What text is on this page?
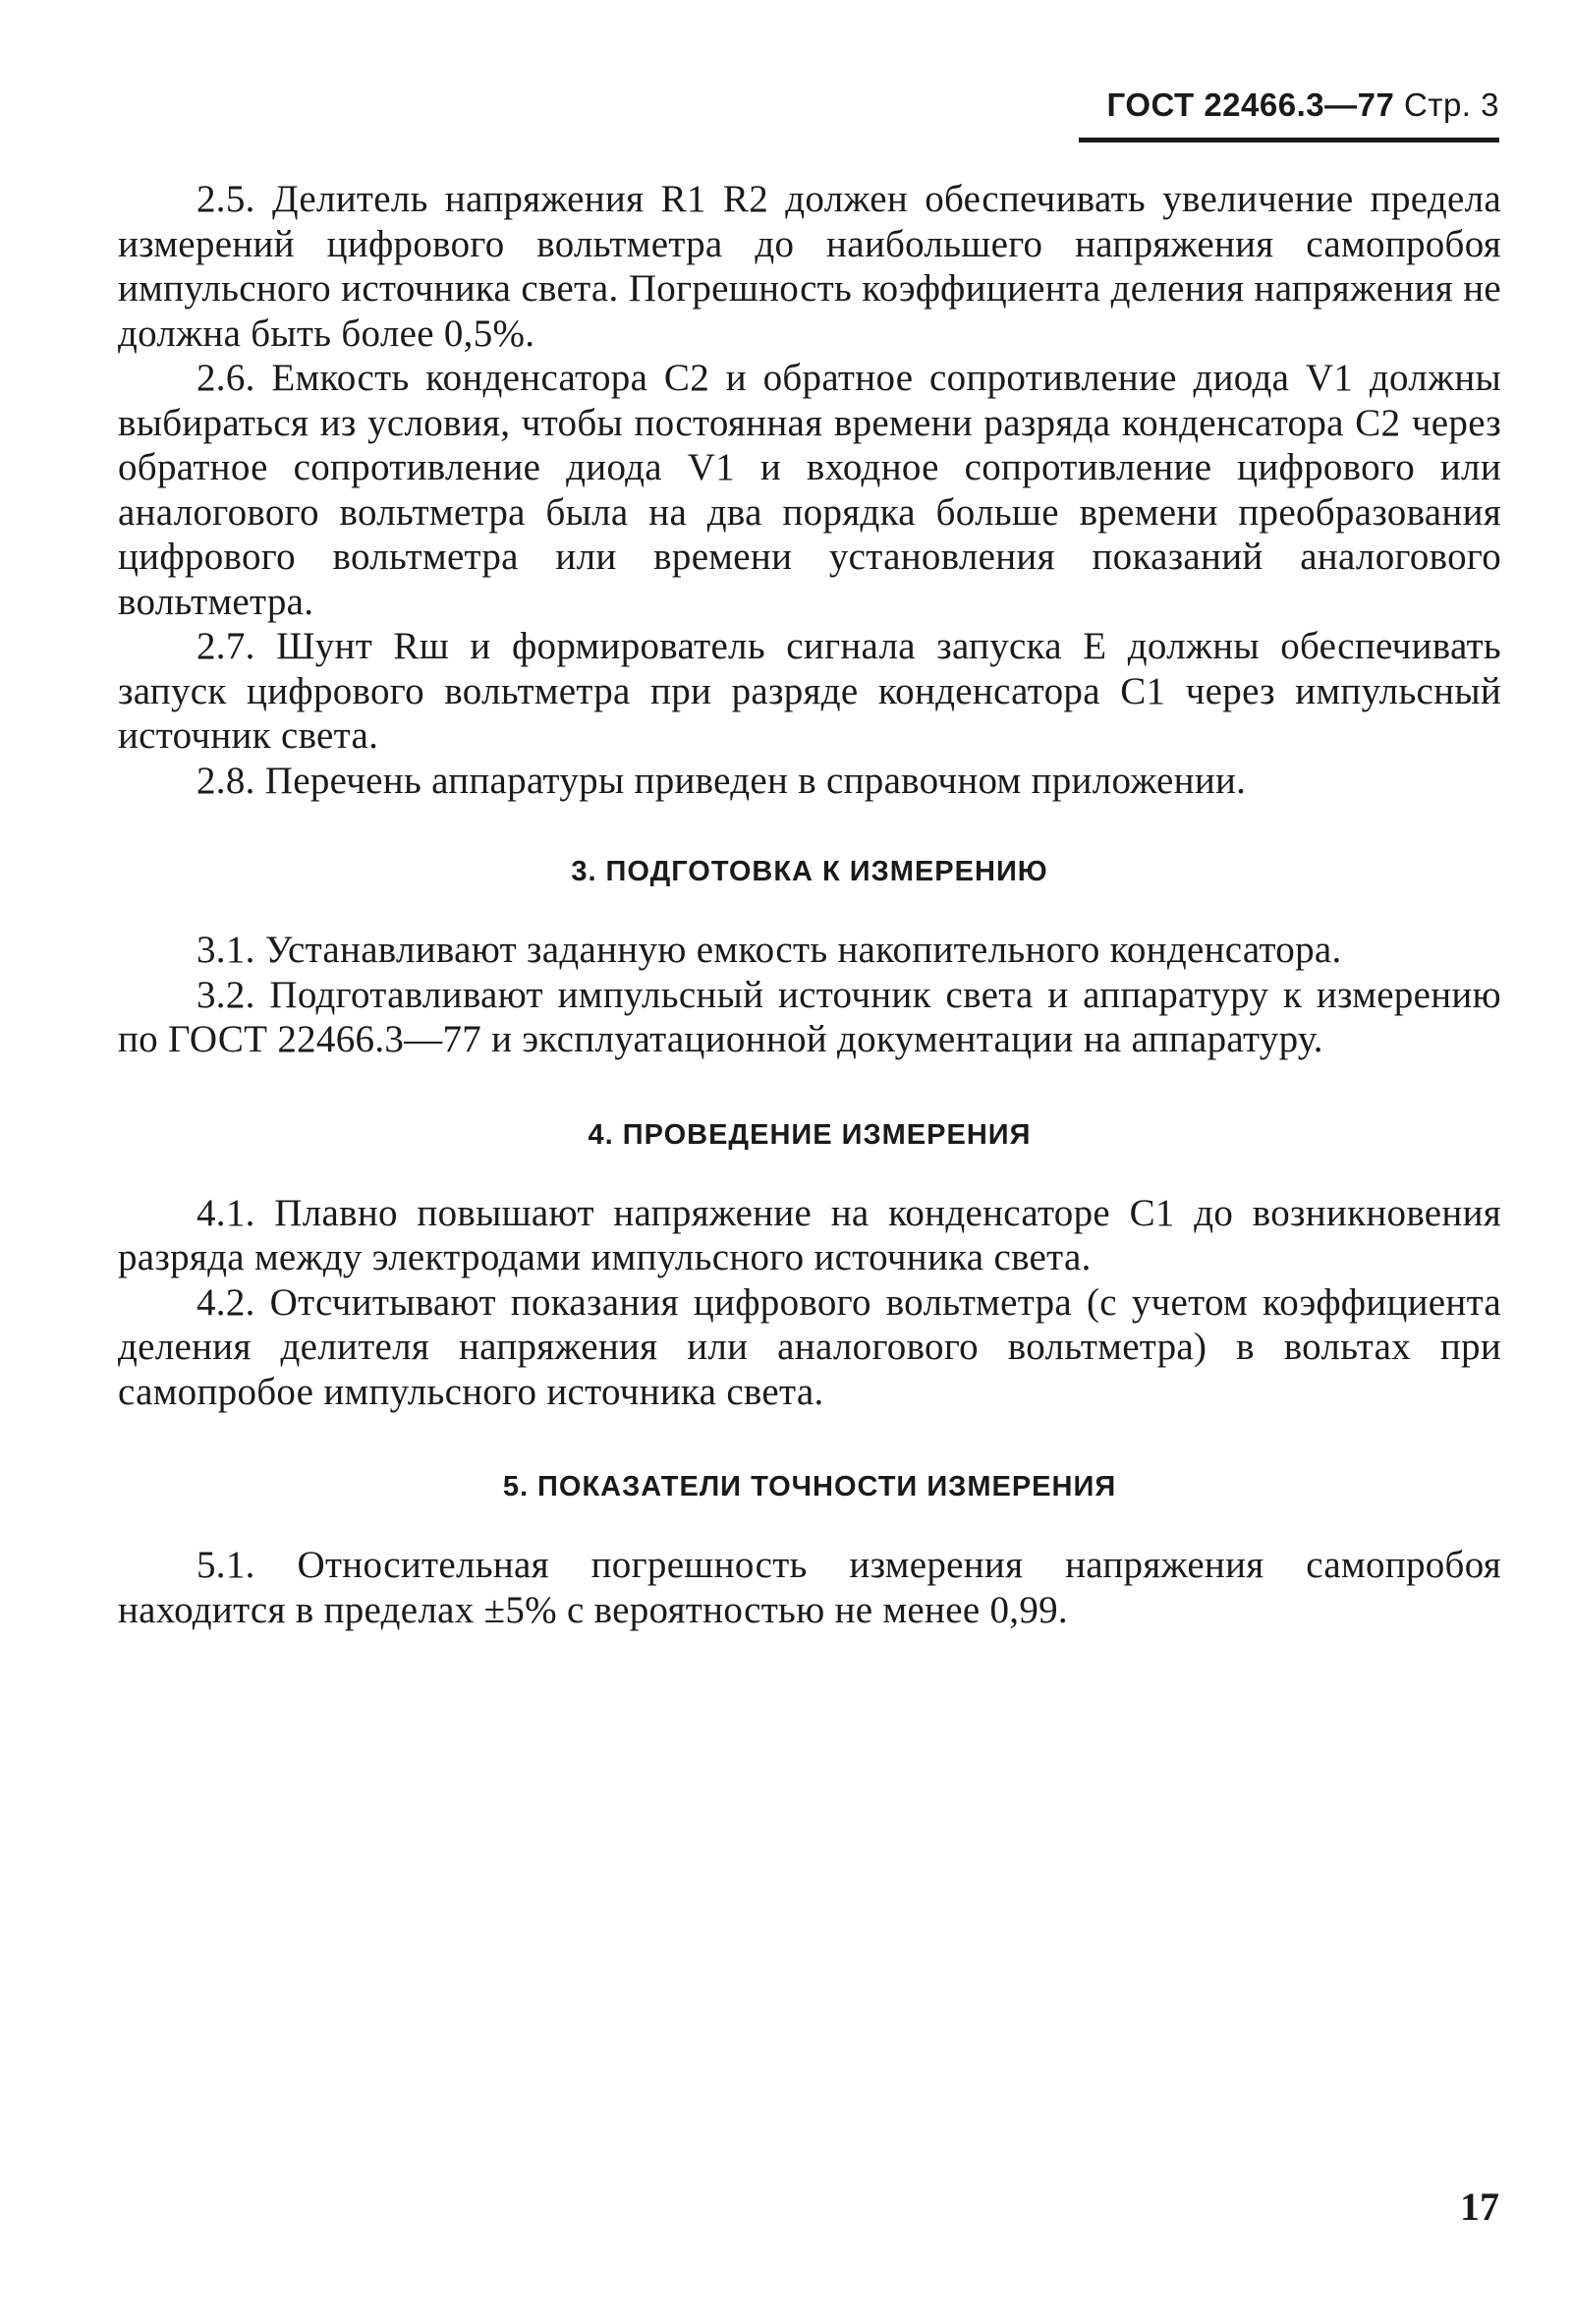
ГОСТ 22466.3—77 Стр. 3

2.5. Делитель напряжения R1 R2 должен обеспечивать увеличение предела измерений цифрового вольтметра до наибольшего напряжения самопробоя импульсного источника света. Погрешность коэффициента деления напряжения не должна быть более 0,5%.

2.6. Емкость конденсатора C2 и обратное сопротивление диода V1 должны выбираться из условия, чтобы постоянная времени разряда конденсатора C2 через обратное сопротивление диода V1 и входное сопротивление цифрового или аналогового вольтметра была на два порядка больше времени преобразования цифрового вольтметра или времени установления показаний аналогового вольтметра.

2.7. Шунт Rш и формирователь сигнала запуска E должны обеспечивать запуск цифрового вольтметра при разряде конденсатора C1 через импульсный источник света.

2.8. Перечень аппаратуры приведен в справочном приложении.

3. ПОДГОТОВКА К ИЗМЕРЕНИЮ

3.1. Устанавливают заданную емкость накопительного конденсатора.

3.2. Подготавливают импульсный источник света и аппаратуру к измерению по ГОСТ 22466.3—77 и эксплуатационной документации на аппаратуру.

4. ПРОВЕДЕНИЕ ИЗМЕРЕНИЯ

4.1. Плавно повышают напряжение на конденсаторе C1 до возникновения разряда между электродами импульсного источника света.

4.2. Отсчитывают показания цифрового вольтметра (с учетом коэффициента деления делителя напряжения или аналогового вольтметра) в вольтах при самопробое импульсного источника света.

5. ПОКАЗАТЕЛИ ТОЧНОСТИ ИЗМЕРЕНИЯ

5.1. Относительная погрешность измерения напряжения самопробоя находится в пределах ±5% с вероятностью не менее 0,99.

17
